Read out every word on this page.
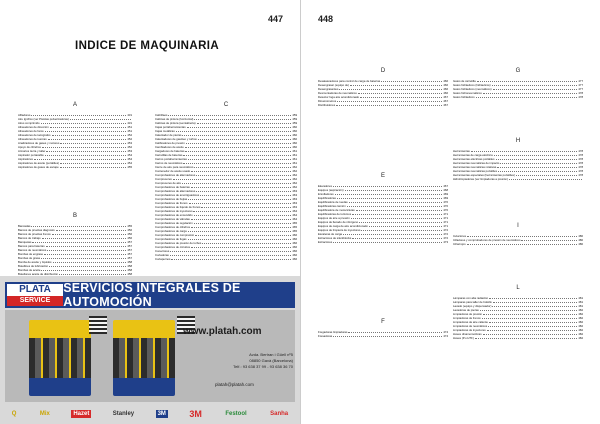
447
INDICE DE MAQUINARIA
A
Afiladores	431
Aire Ignífico (ver Pistolas pulverizadoras)
Aires comprimido	431
Alineadores de dirección	451
Alineadores de faros	451
Alineadores de tacógrafos	452
Alineadores de tuercas	452
Analizadores de gases y motores	453
Apoyo de cilindros	452
Armarios tierra y taller	453
Aspirador portacable	454
Aspiradores	454
Aspiradores de aceite (portátiles)	454
Aspiradores de gases de escape	455
B
Bancadas	455
Bancos de pruebas diagnosis	456
Bancos de pruebas frenos	456
Bancos de trabajo	456
Banquetas	457
Bancos para baterías	457
Bancos de neumáticos	457
Bombas de engrase	457
Bombas de grasa	457
Bomba de aceite y líquidos	458
Botellines de lubricación	458
Bombas de aceite	458
Botellones aceite de distribución	458
C
Cabrillaos	459
Cabinas de pintura (horizontal)	459
Cabinas de pintura (semiabierta)	459
Cajas portaherramientas	460
Cajas metálicas	460
Calentador de piezas	460
Calentadores de gasóleo y turbos	460
Calibradores de presión	460
Cambiadores de aceite	460
Cargadores de baterías	461
Carretillas de baterías	461
Carros portaherramientas	461
Carros de neumáticos	461
Cierre de aire para neumáticos	462
Contenedor de aceite usado	462
Comprobadores de alternadores	462
Compresores	462
Compresores de aire	462
Comprobadores de baterías	462
Comprobadores de alternadores	463
Comprobadores de amortiguadores	463
Comprobadores de bujías	463
Comprobadores de frenos	463
Comprobadores de líquido de frenos	463
Comprobadores de inyectores	464
Comprobadores de encendido	464
Comprobadores de válvulas	464
Comprobadores de regulación	465
Comprobadores de cilindros	465
Comprobadores de carga	465
Comprobadores de compresión	466
Comprobadores de fugas	466
Comprobadores de presión de turbos	466
Comprobadores de circuitos	466
Conectores	466
Cortadoras	466
Cortapernos	466
PLATA
SERVICE
SERVICIOS INTEGRALES DE AUTOMOCIÓN
www.platah.com
Avda. Bertran i Güell nº5
08850 Gavà (Barcelona)
Telf.: 93 638 37 99 - 93 638 36 70
platah@platah.com
Q	Mix	Hazet	Stanley	3M	3M	Festool	Sanha
448
D
Desatascadores para control de carga de baterías	466
Desengrasar (equipo de)	466
Desengrasantes	466
Desmontadoras de neumáticos	466
Detector fuga aire acondicionado	467
Dinamómetros	467
Distribuidores	467
E
Elevadores	467
Equipos (aspiración)	468
Enrolladores	469
Equilibradoras	469
Equilibradora de ruedas	470
Equilibradoras camión	470
Equilibradora de motocicletas	470
Equilibradoras de turismos	471
Equipos de aire a presión	471
Equipos de llenado de nitrógeno	471
Equipos de carga de aire acondicionado	471
Equipos de limpieza de inyectores	472
Escaleras de carga	472
Extractores de silentblocks	472
Extractores	473
F
Fregadoras limpiadoras	474
Fresadoras	474
G
Gatos de carretilla	477
Gatos hidráulicos (hidráulicos)	477
Gatos hidráulicos (neumáticos)	477
Gatos hidroneumáticos	478
Gatos hidráulicos	478
H
Herramientas	478
Herramientas de carga eléctrica	478
Herramientas eléctricas portátiles	478
Herramientas neumáticas de impacto	478
Herramientas neumáticas rotativas	478
Herramientas neumáticas portátiles	478
Herramientas especiales (herramientas portátiles)	478
Hidrolimpiadoras (ver limpiadoras a presión)
I
Inductores	480
Infladores y comprobadores de presión de neumáticos	480
Infrarrojos	480
L
Lámparas con alta radiación	481
Lámparas para taller de bolsillo	481
Lavado (equipo y dispensador)	481
Lavadoras de piezas	482
Limpiadoras de presión	482
Limpiadoras de frenos	482
Limpiadoras de aire caliente	482
Limpiadoras de neumáticos	482
Limpiadoras de inyectores	482
Llaves dinamométricas	482
Llaves (P.o HTF)	482
